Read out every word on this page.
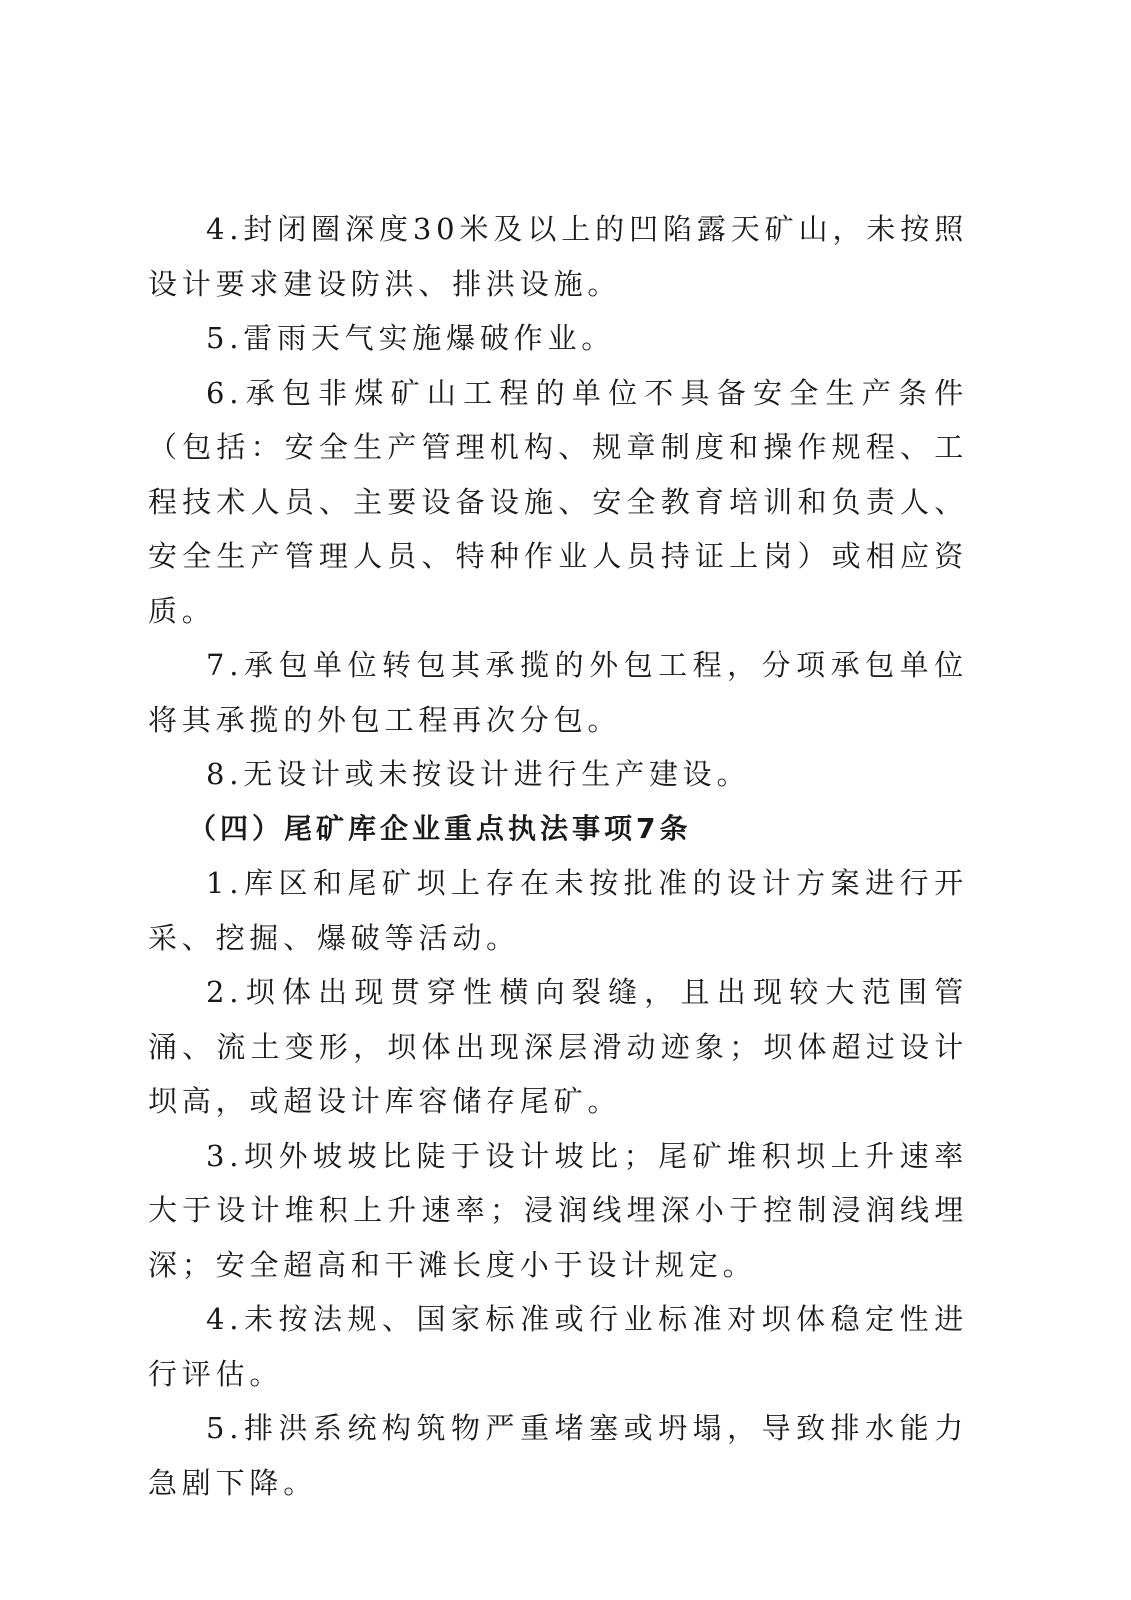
4.封闭圈深度30米及以上的凹陷露天矿山，未按照设计要求建设防洪、排洪设施。

5.雷雨天气实施爆破作业。

6.承包非煤矿山工程的单位不具备安全生产条件（包括：安全生产管理机构、规章制度和操作规程、工程技术人员、主要设备设施、安全教育培训和负责人、安全生产管理人员、特种作业人员持证上岗）或相应资质。

7.承包单位转包其承揽的外包工程，分项承包单位将其承揽的外包工程再次分包。

8.无设计或未按设计进行生产建设。

（四）尾矿库企业重点执法事项7条

1.库区和尾矿坝上存在未按批准的设计方案进行开采、挖掘、爆破等活动。

2.坝体出现贯穿性横向裂缝，且出现较大范围管涌、流土变形，坝体出现深层滑动迹象；坝体超过设计坝高，或超设计库容储存尾矿。

3.坝外坡坡比陡于设计坡比；尾矿堆积坝上升速率大于设计堆积上升速率；浸润线埋深小于控制浸润线埋深；安全超高和干滩长度小于设计规定。

4.未按法规、国家标准或行业标准对坝体稳定性进行评估。

5.排洪系统构筑物严重堵塞或坍塌，导致排水能力急剧下降。
